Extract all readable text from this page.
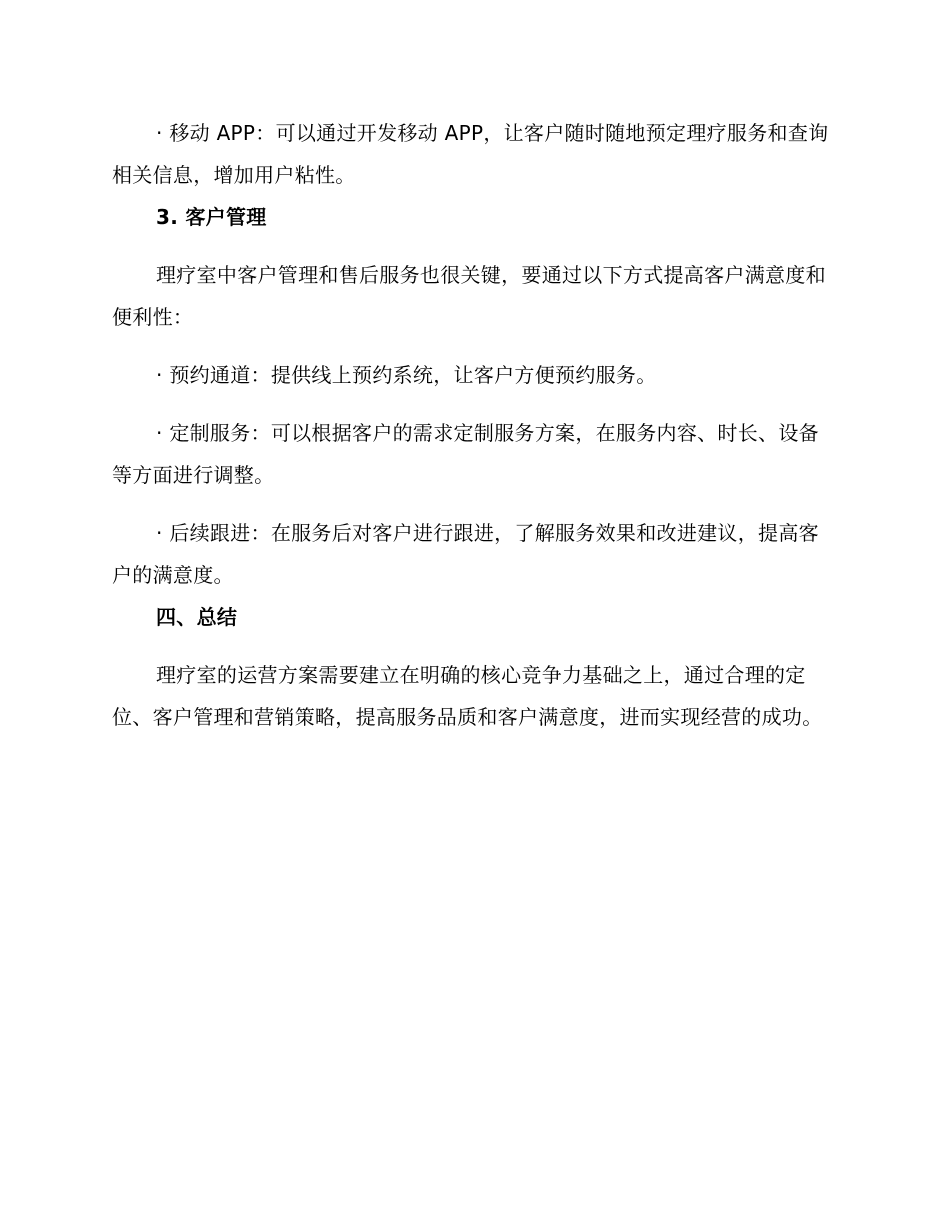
· 移动 APP：可以通过开发移动 APP，让客户随时随地预定理疗服务和查询相关信息，增加用户粘性。

3. 客户管理

理疗室中客户管理和售后服务也很关键，要通过以下方式提高客户满意度和便利性：

· 预约通道：提供线上预约系统，让客户方便预约服务。

· 定制服务：可以根据客户的需求定制服务方案，在服务内容、时长、设备等方面进行调整。

· 后续跟进：在服务后对客户进行跟进，了解服务效果和改进建议，提高客户的满意度。

四、总结

理疗室的运营方案需要建立在明确的核心竞争力基础之上，通过合理的定位、客户管理和营销策略，提高服务品质和客户满意度，进而实现经营的成功。
